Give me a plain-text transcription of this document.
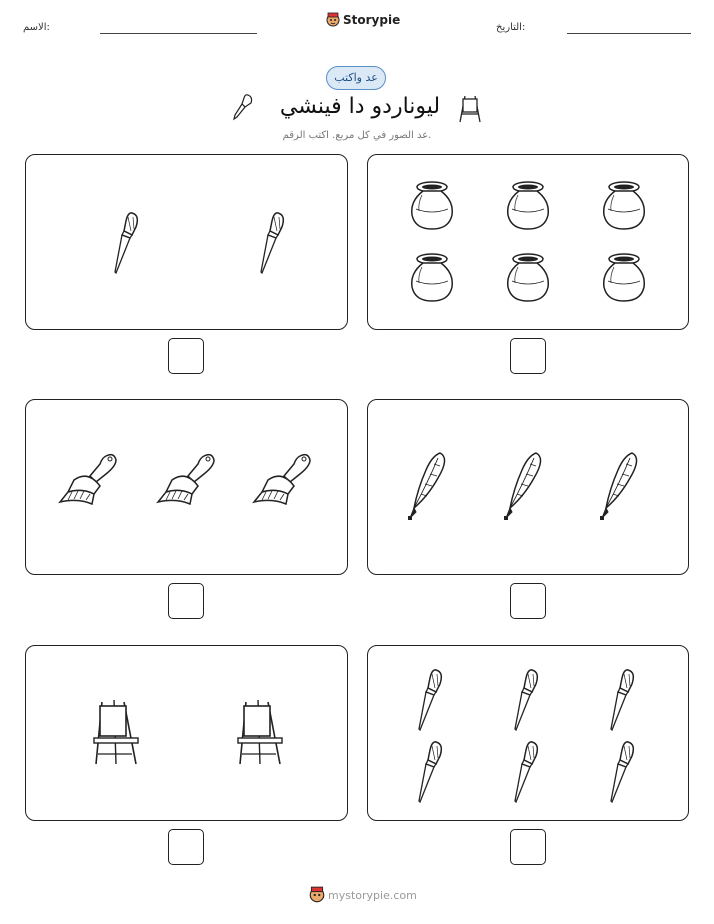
الاسم:
Storypie
التاريخ:
عد واكتب
ليوناردو دا فينشي
عد الصور في كل مربع. اكتب الرقم.
mystorypie.com
